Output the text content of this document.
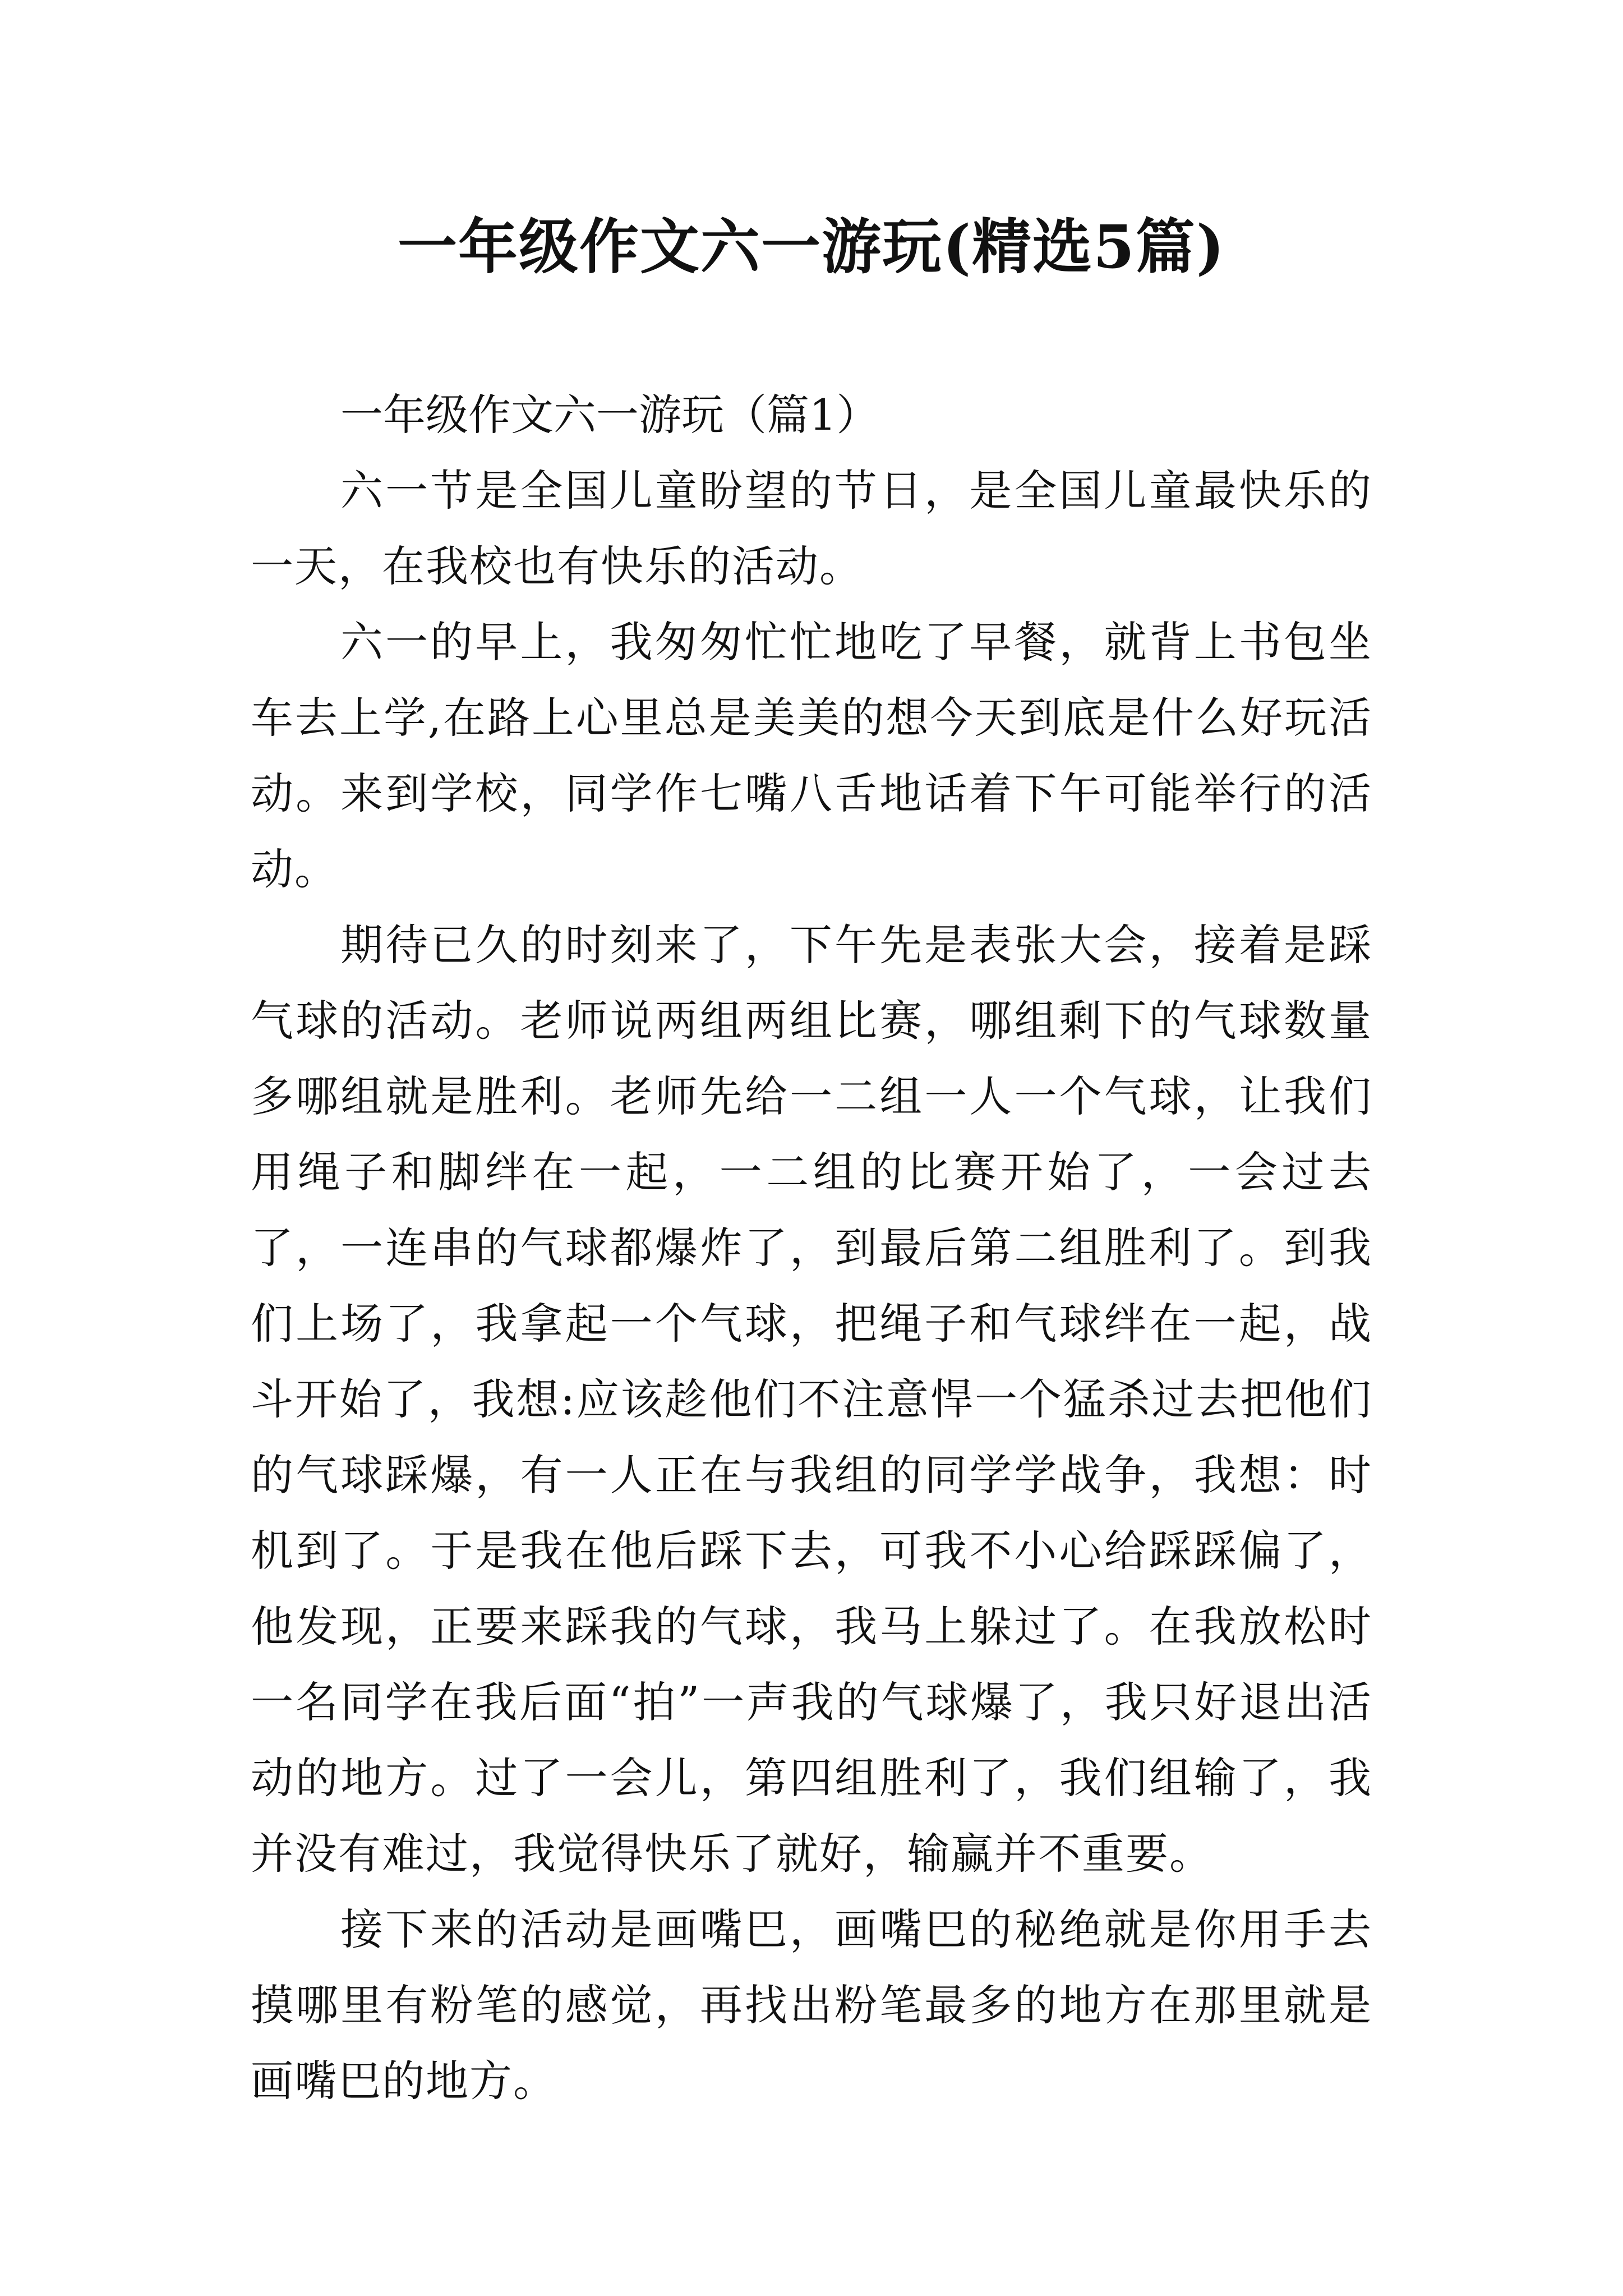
一年级作文六一游玩(精选5篇)

一年级作文六一游玩（篇1）

六一节是全国儿童盼望的节日，是全国儿童最快乐的一天，在我校也有快乐的活动。

六一的早上，我匆匆忙忙地吃了早餐，就背上书包坐车去上学,在路上心里总是美美的想今天到底是什么好玩活动。来到学校，同学作七嘴八舌地话着下午可能举行的活动。

期待已久的时刻来了，下午先是表张大会，接着是踩气球的活动。老师说两组两组比赛，哪组剩下的气球数量多哪组就是胜利。老师先给一二组一人一个气球，让我们用绳子和脚绊在一起，一二组的比赛开始了，一会过去了，一连串的气球都爆炸了，到最后第二组胜利了。到我们上场了，我拿起一个气球，把绳子和气球绊在一起，战斗开始了，我想:应该趁他们不注意悍一个猛杀过去把他们的气球踩爆，有一人正在与我组的同学学战争，我想：时机到了。于是我在他后踩下去，可我不小心给踩踩偏了，他发现，正要来踩我的气球，我马上躲过了。在我放松时一名同学在我后面“拍”一声我的气球爆了，我只好退出活动的地方。过了一会儿，第四组胜利了，我们组输了，我并没有难过，我觉得快乐了就好，输赢并不重要。

接下来的活动是画嘴巴，画嘴巴的秘绝就是你用手去摸哪里有粉笔的感觉，再找出粉笔最多的地方在那里就是画嘴巴的地方。
